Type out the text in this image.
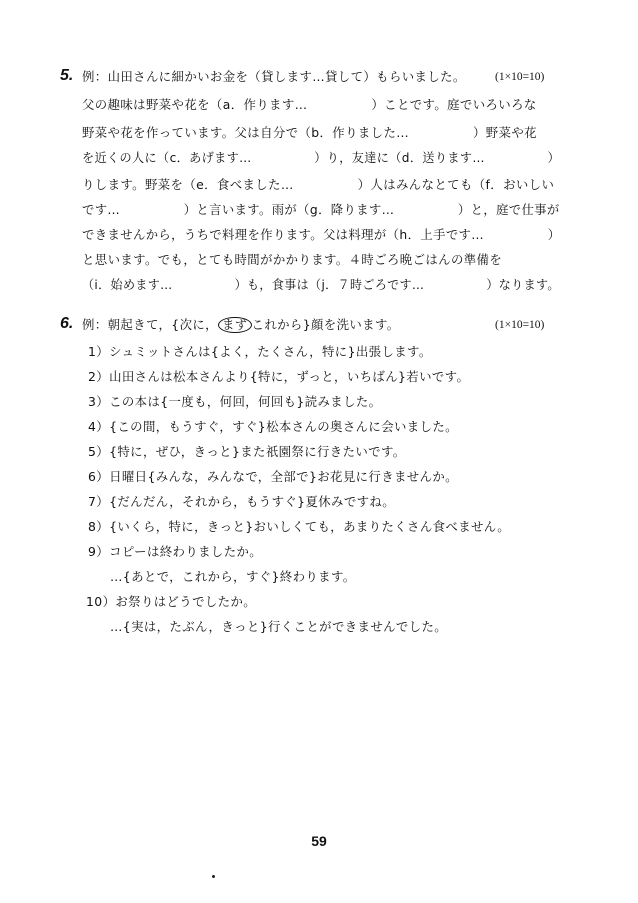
5.	(1×10=10)
例：山田さんに細かいお金を（貸します…貸して）もらいました。
父の趣味は野菜や花を（a．作ります…　　　　　）ことです。庭でいろいろな
野菜や花を作っています。父は自分で（b．作りました…　　　　　）野菜や花
を近くの人に（c．あげます…　　　　　）り，友達に（d．送ります…　　　　　）
りします。野菜を（e．食べました…　　　　　）人はみんなとても（f．おいしい
です…　　　　　）と言います。雨が（g．降ります…　　　　　）と，庭で仕事が
できませんから，うちで料理を作ります。父は料理が（h．上手です…　　　　　）
と思います。でも，とても時間がかかります。４時ごろ晩ごはんの準備を
（i．始めます…　　　　　）も，食事は（j．７時ごろです…　　　　　）なります。
6.	(1×10=10)
例：朝起きて，{次に， まず これから}顔を洗います。
1）シュミットさんは{よく，たくさん，特に}出張します。
2）山田さんは松本さんより{特に，ずっと，いちばん}若いです。
3）この本は{一度も，何回，何回も}読みました。
4）{この間，もうすぐ，すぐ}松本さんの奥さんに会いました。
5）{特に，ぜひ，きっと}また祇園祭に行きたいです。
6）日曜日{みんな，みんなで，全部で}お花見に行きませんか。
7）{だんだん，それから，もうすぐ}夏休みですね。
8）{いくら，特に，きっと}おいしくても，あまりたくさん食べません。
9）コピーは終わりましたか。
…{あとで，これから，すぐ}終わります。
10）お祭りはどうでしたか。
…{実は，たぶん，きっと}行くことができませんでした。
59
